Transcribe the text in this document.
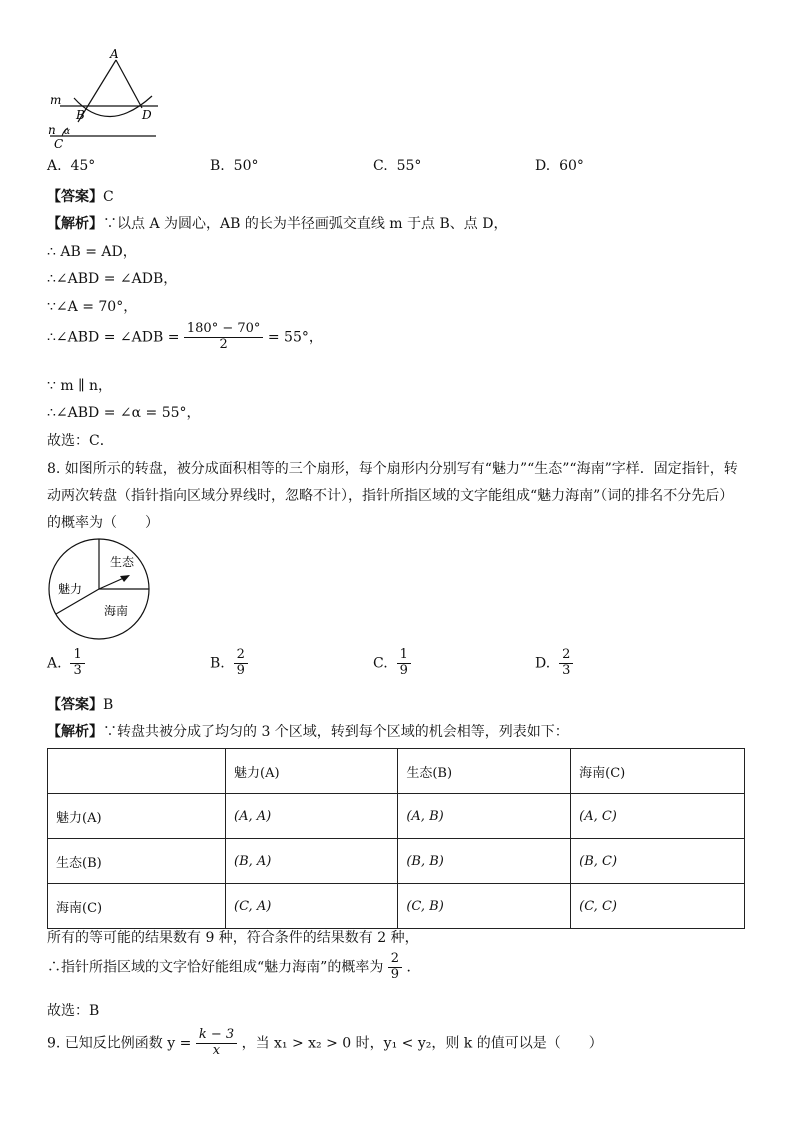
A
m
B	D
n α
C
A. 45°	B. 50°	C. 55°	D. 60°
【答案】C
【解析】∵以点 A 为圆心，AB 的长为半径画弧交直线 m 于点 B、点 D，
∴ AB = AD，
∴∠ABD = ∠ADB，
∵∠A = 70°，
∴∠ABD = ∠ADB = $\frac{180^\circ - 70^\circ}{2} = 55^\circ$，
∵ m ∥ n，
∴∠ABD = ∠α = 55°，
故选：C．
8. 如图所示的转盘，被分成面积相等的三个扇形，每个扇形内分别写有“魅力”“生态”“海南”字样．固定指针，转
动两次转盘（指针指向区域分界线时，忽略不计），指针所指区域的文字能组成“魅力海南”（词的排名不分先后）
的概率为（　　）
生态
魅力
海南
A. $\frac{1}{3}$	B. $\frac{2}{9}$	C. $\frac{1}{9}$	D. $\frac{2}{3}$
【答案】B
【解析】∵转盘共被分成了均匀的 3 个区域，转到每个区域的机会相等，列表如下：
	魅力(A)	生态(B)	海南(C)
魅力(A)	(A, A)	(A, B)	(A, C)
生态(B)	(B, A)	(B, B)	(B, C)
海南(C)	(C, A)	(C, B)	(C, C)
所有的等可能的结果数有 9 种，符合条件的结果数有 2 种，
∴指针所指区域的文字恰好能组成“魅力海南”的概率为 $\frac{2}{9}$ ．
故选：B
9. 已知反比例函数 $y = \frac{k - 3}{x}$ ，当 x₁ > x₂ > 0 时，y₁ < y₂，则 k 的值可以是（　　）
